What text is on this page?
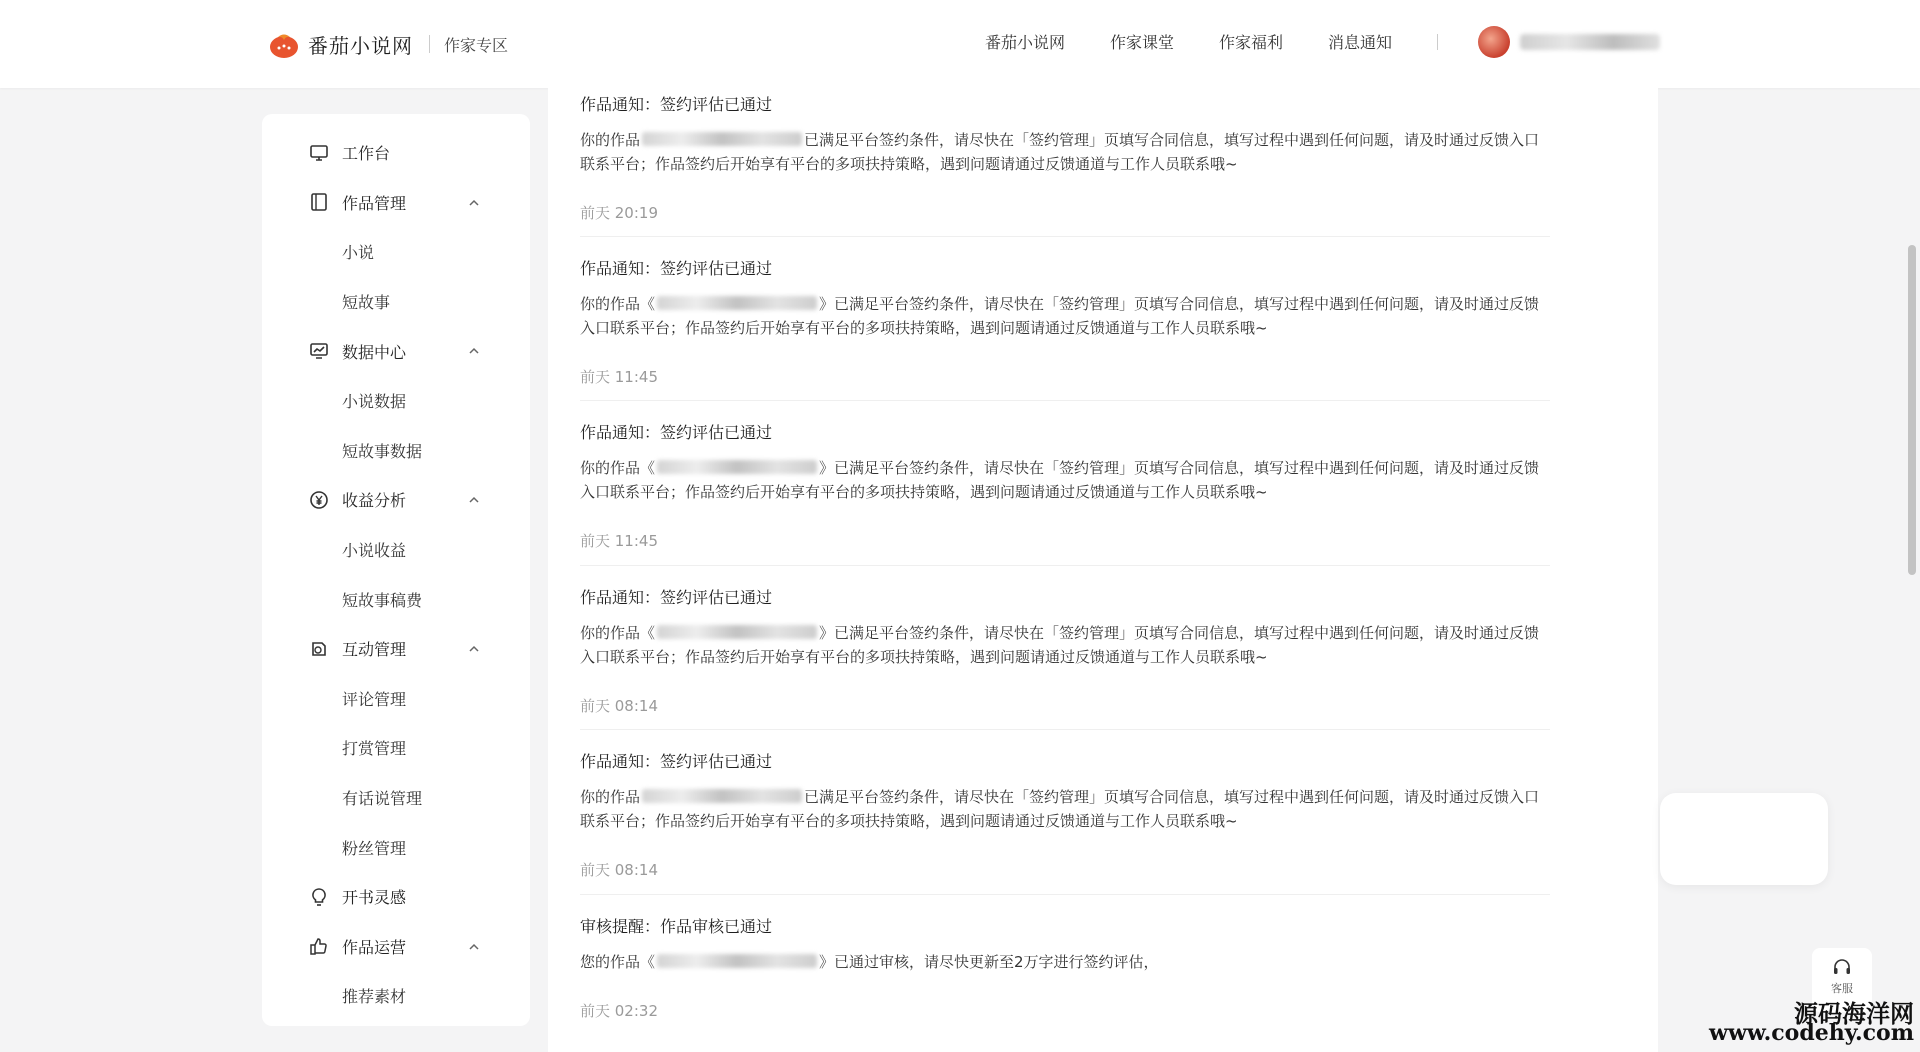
番茄小说网 作家专区	番茄小说网	作家课堂	作家福利	消息通知
工作台
作品管理
小说
短故事
数据中心
小说数据
短故事数据
收益分析
小说收益
短故事稿费
互动管理
评论管理
打赏管理
有话说管理
粉丝管理
开书灵感
作品运营
推荐素材
作品通知：签约评估已通过
你的作品	已满足平台签约条件，请尽快在「签约管理」页填写合同信息，填写过程中遇到任何问题，请及时通过反馈入口联系平台；作品签约后开始享有平台的多项扶持策略，遇到问题请通过反馈通道与工作人员联系哦~
前天 20:19
作品通知：签约评估已通过
你的作品《	》已满足平台签约条件，请尽快在「签约管理」页填写合同信息，填写过程中遇到任何问题，请及时通过反馈入口联系平台；作品签约后开始享有平台的多项扶持策略，遇到问题请通过反馈通道与工作人员联系哦~
前天 11:45
作品通知：签约评估已通过
你的作品《	》已满足平台签约条件，请尽快在「签约管理」页填写合同信息，填写过程中遇到任何问题，请及时通过反馈入口联系平台；作品签约后开始享有平台的多项扶持策略，遇到问题请通过反馈通道与工作人员联系哦~
前天 11:45
作品通知：签约评估已通过
你的作品《	》已满足平台签约条件，请尽快在「签约管理」页填写合同信息，填写过程中遇到任何问题，请及时通过反馈入口联系平台；作品签约后开始享有平台的多项扶持策略，遇到问题请通过反馈通道与工作人员联系哦~
前天 08:14
作品通知：签约评估已通过
你的作品	已满足平台签约条件，请尽快在「签约管理」页填写合同信息，填写过程中遇到任何问题，请及时通过反馈入口联系平台；作品签约后开始享有平台的多项扶持策略，遇到问题请通过反馈通道与工作人员联系哦~
前天 08:14
审核提醒：作品审核已通过
您的作品《	》已通过审核，请尽快更新至2万字进行签约评估，
前天 02:32
客服
源码海洋网
www.codehy.com
